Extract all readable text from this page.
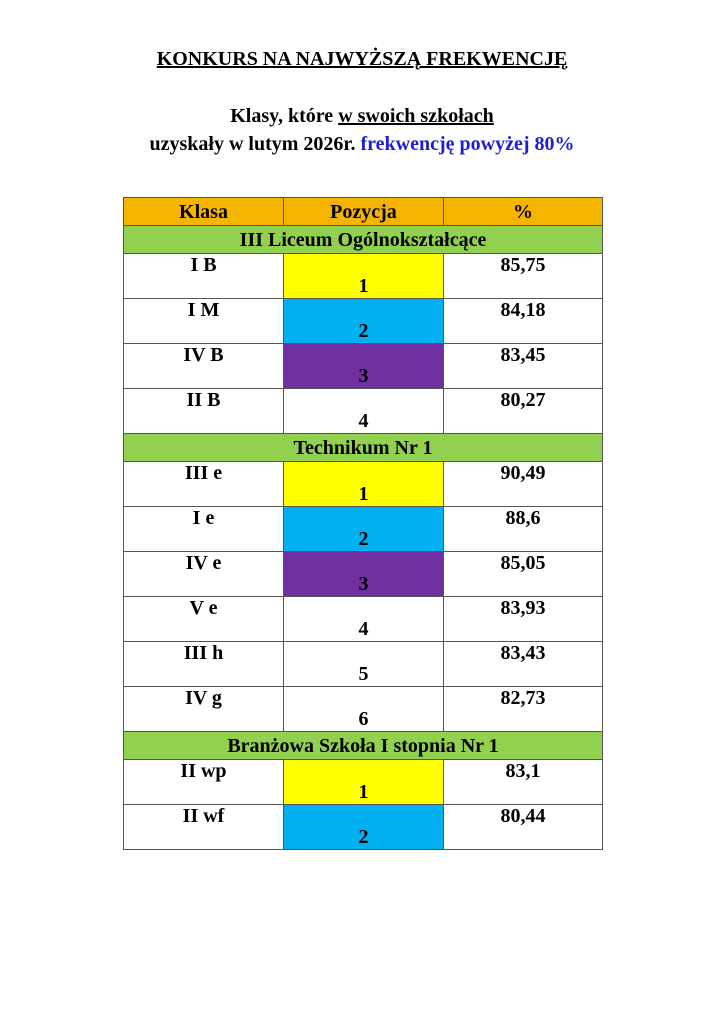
KONKURS NA NAJWYŻSZĄ FREKWENCJĘ
Klasy, które w swoich szkołach
uzyskały w lutym 2026r. frekwencję powyżej 80%
Klasa	Pozycja	%
III Liceum Ogólnokształcące		
I B	1	85,75
I M	2	84,18
IV B	3	83,45
II B	4	80,27
Technikum Nr 1		
III e	1	90,49
I e	2	88,6
IV e	3	85,05
V e	4	83,93
III h	5	83,43
IV g	6	82,73
Branżowa Szkoła I stopnia Nr 1		
II wp	1	83,1
II wf	2	80,44
